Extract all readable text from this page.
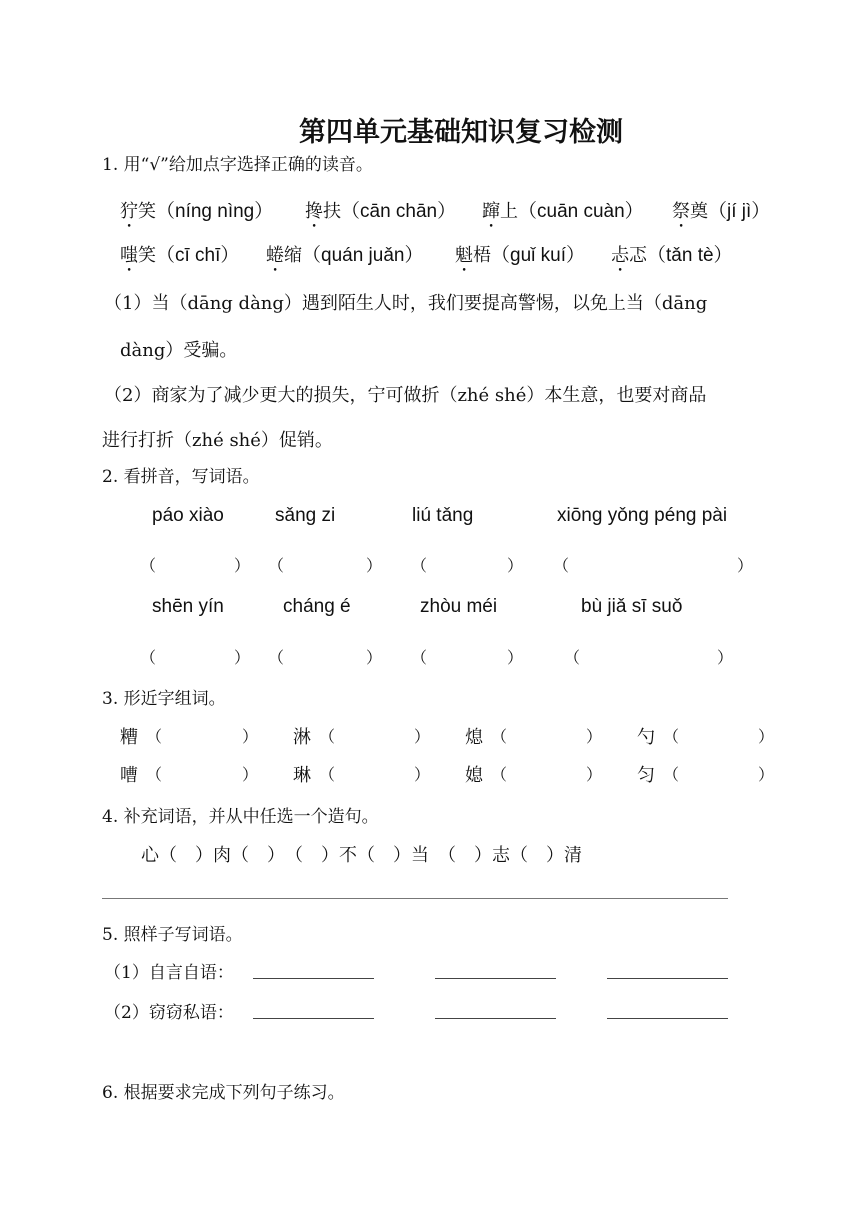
第四单元基础知识复习检测
1. 用“√”给加点字选择正确的读音。
狞笑（níng nìng） 搀扶（cān chān） 蹿上（cuān cuàn） 祭奠（jí jì）
嗤笑（cī chī） 蜷缩（quán juǎn） 魁梧（guǐ kuí） 忐忑（tǎn tè）
（1）当（dāng dàng）遇到陌生人时，我们要提高警惕，以免上当（dāng
dàng）受骗。
（2）商家为了减少更大的损失，宁可做折（zhé shé）本生意，也要对商品
进行打折（zhé shé）促销。
2. 看拼音，写词语。
páo xiào	sǎng zi	liú tǎng	xiōng yǒng péng pài
（	） （	） （	） （	）
shēn yín	cháng é	zhòu méi	bù jiǎ sī suǒ
（	） （	） （	）	（	）
3. 形近字组词。
糟 （	） 淋 （	） 熄 （	） 勺 （	）
嘈 （	） 琳 （	） 媳 （	） 匀 （	）
4. 补充词语，并从中任选一个造句。
心（　）肉（　）　（　）不（　）当　（　）志（　）清
5. 照样子写词语。
（1）自言自语：
（2）窃窃私语：
6. 根据要求完成下列句子练习。
